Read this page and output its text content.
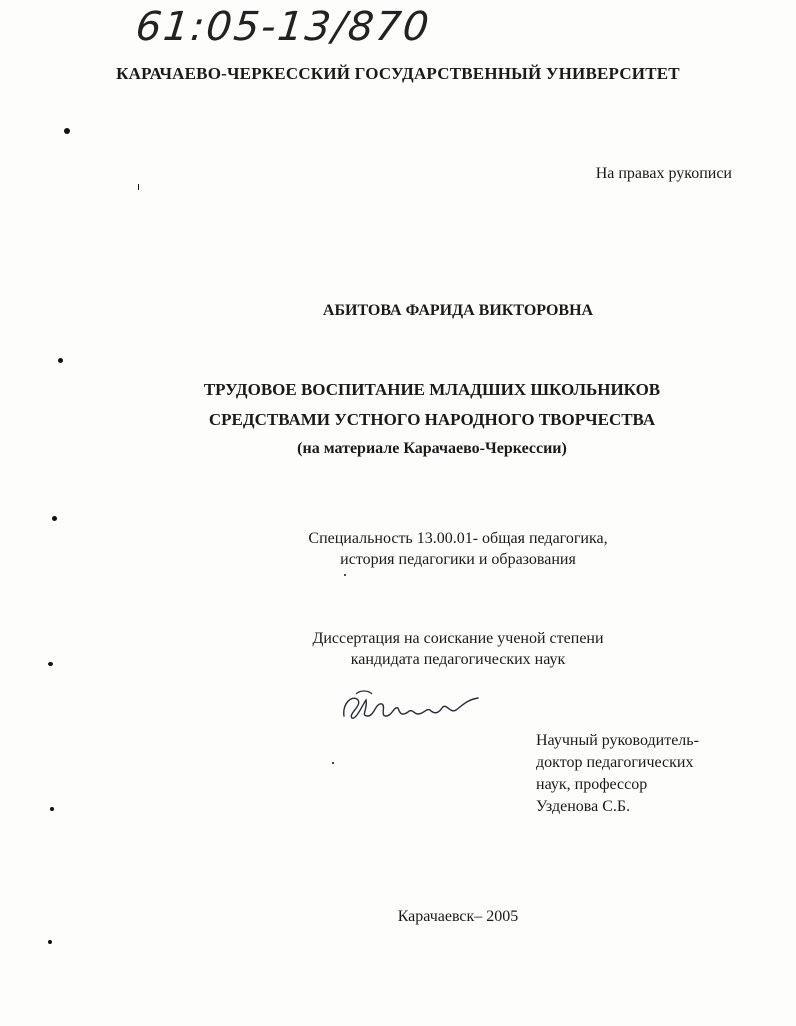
61:05-13/870
КАРАЧАЕВО-ЧЕРКЕССКИЙ ГОСУДАРСТВЕННЫЙ УНИВЕРСИТЕТ
На правах рукописи
АБИТОВА ФАРИДА ВИКТОРОВНА
ТРУДОВОЕ ВОСПИТАНИЕ МЛАДШИХ ШКОЛЬНИКОВ
СРЕДСТВАМИ УСТНОГО НАРОДНОГО ТВОРЧЕСТВА
(на материале Карачаево-Черкессии)
Специальность 13.00.01- общая педагогика,
история педагогики и образования
Диссертация на соискание ученой степени
кандидата педагогических наук
Научный руководитель-
доктор педагогических
наук, профессор
Узденова С.Б.
Карачаевск– 2005
